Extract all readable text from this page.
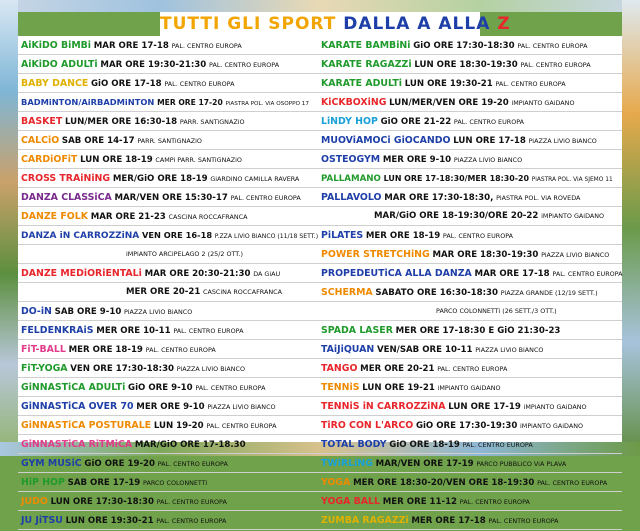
TUTTI GLI SPORT DALLA A ALLA Z
AiKiDO BiMBi MAR ORE 17-18 PAL. CENTRO EUROPA
AiKiDO ADULTi MAR ORE 19:30-21:30 PAL. CENTRO EUROPA
BABY DANCE GiO ORE 17-18 PAL. CENTRO EUROPA
BADMiNTON/AiRBADMiNTON MER ORE 17-20 PiASTRA POL. ViA OSOPPO 17
BASKET LUN/MER ORE 16:30-18 PARR. SANTiGNAZiO
CALCiO SAB ORE 14-17 PARR. SANTiGNAZiO
CARDiOFiT LUN ORE 18-19 CAMPi PARR. SANTiGNAZiO
CROSS TRAiNiNG MER/GiO ORE 18-19 GiARDiNO CAMiLLA RAVERA
DANZA CLASSiCA MAR/VEN ORE 15:30-17 PAL. CENTRO EUROPA
DANZE FOLK MAR ORE 21-23 CASCiNA ROCCAFRANCA
DANZA iN CARROZZiNA VEN ORE 16-18 P.ZZA LiViO BiANCO (11/18 SETT.)
iMPiANTO ARCiPELAGO 2 (25/2 OTT.)
DANZE MEDiORiENTALi MAR ORE 20:30-21:30 DA GiAU
MER ORE 20-21 CASCiNA ROCCAFRANCA
DO-iN SAB ORE 9-10 PiAZZA LiViO BiANCO
FELDENKRAiS MER ORE 10-11 PAL. CENTRO EUROPA
FiT-BALL MER ORE 18-19 PAL. CENTRO EUROPA
FiT-YOGA VEN ORE 17:30-18:30 PiAZZA LiViO BiANCO
GiNNASTiCA ADULTi GiO ORE 9-10 PAL. CENTRO EUROPA
GiNNASTiCA OVER 70 MER ORE 9-10 PiAZZA LiViO BiANCO
GiNNASTiCA POSTURALE LUN 19-20 PAL. CENTRO EUROPA
GiNNASTiCA RiTMiCA MAR/GiO ORE 17-18.30
GYM MUSiC GiO ORE 19-20 PAL. CENTRO EUROPA
HiP HOP SAB ORE 17-19 PARCO COLONNETTi
JUDO LUN ORE 17:30-18:30 PAL. CENTRO EUROPA
JU JiTSU LUN ORE 19:30-21 PAL. CENTRO EUROPA
KARATE BAMBiNi GiO ORE 17:30-18:30 PAL. CENTRO EUROPA
KARATE RAGAZZi LUN ORE 18:30-19:30 PAL. CENTRO EUROPA
KARATE ADULTi LUN ORE 19:30-21 PAL. CENTRO EUROPA
KiCKBOXiNG LUN/MER/VEN ORE 19-20 iMPiANTO GAiDANO
LiNDY HOP GiO ORE 21-22 PAL. CENTRO EUROPA
MUOViAMOCi GiOCANDO LUN ORE 17-18 PiAZZA LiViO BiANCO
OSTEOGYM MER ORE 9-10 PiAZZA LiViO BiANCO
PALLAMANO LUN ORE 17-18:30/MER 18:30-20 PiASTRA POL. ViA SJEMO 11
PALLAVOLO MAR ORE 17:30-18:30, PiASTRA POL. ViA ROVEDA
MAR/GiO ORE 18-19:30/ORE 20-22 iMPiANTO GAiDANO
PiLATES MER ORE 18-19 PAL. CENTRO EUROPA
POWER STRETCHiNG MAR ORE 18:30-19:30 PiAZZA LiViO BiANCO
PROPEDEUTiCA ALLA DANZA MAR ORE 17-18 PAL. CENTRO EUROPA
SCHERMA SABATO ORE 16:30-18:30 PiAZZA GRANDE (12/19 SETT.)
PARCO COLONNETTi (26 SETT./3 OTT.)
SPADA LASER MER ORE 17-18:30 E GiO 21:30-23
TAiJiQUAN VEN/SAB ORE 10-11 PiAZZA LiViO BiANCO
TANGO MER ORE 20-21 PAL. CENTRO EUROPA
TENNiS LUN ORE 19-21 iMPiANTO GAiDANO
TENNiS iN CARROZZiNA LUN ORE 17-19 iMPiANTO GAiDANO
TiRO CON L'ARCO GiO ORE 17:30-19:30 iMPiANTO GAiDANO
TOTAL BODY GiO ORE 18-19 PAL. CENTRO EUROPA
TWiRLiNG MAR/VEN ORE 17-19 PARCO PUBBLiCO ViA PLAVA
YOGA MER ORE 18:30-20/VEN ORE 18-19:30 PAL. CENTRO EUROPA
YOGA BALL MER ORE 11-12 PAL. CENTRO EUROPA
ZUMBA RAGAZZi MER ORE 17-18 PAL. CENTRO EUROPA
